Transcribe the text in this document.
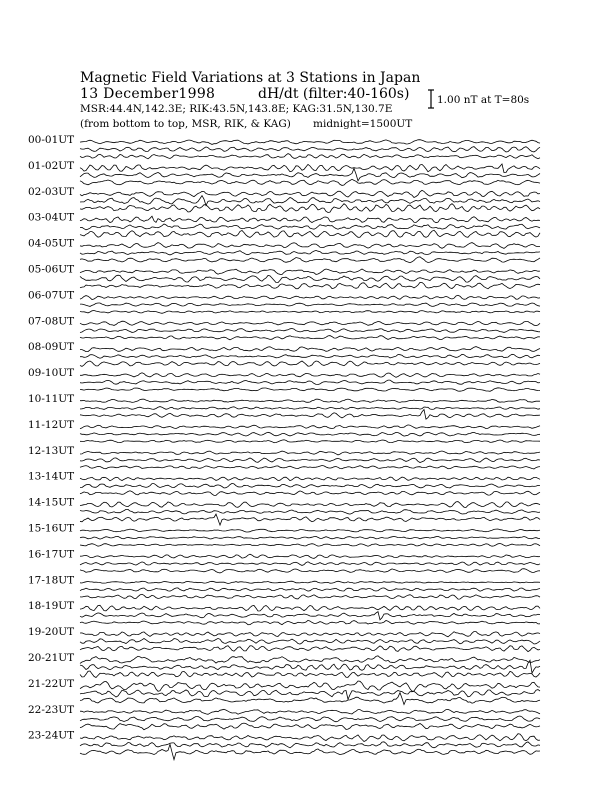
Magnetic Field Variations at 3 Stations in Japan
13 December1998	dH/dt (filter:40-160s)
MSR:44.4N,142.3E; RIK:43.5N,143.8E; KAG:31.5N,130.7E
(from bottom to top, MSR, RIK, & KAG) midnight=1500UT
1.00 nT at T=80s
00-01UT
01-02UT
02-03UT
03-04UT
04-05UT
05-06UT
06-07UT
07-08UT
08-09UT
09-10UT
10-11UT
11-12UT
12-13UT
13-14UT
14-15UT
15-16UT
16-17UT
17-18UT
18-19UT
19-20UT
20-21UT
21-22UT
22-23UT
23-24UT
